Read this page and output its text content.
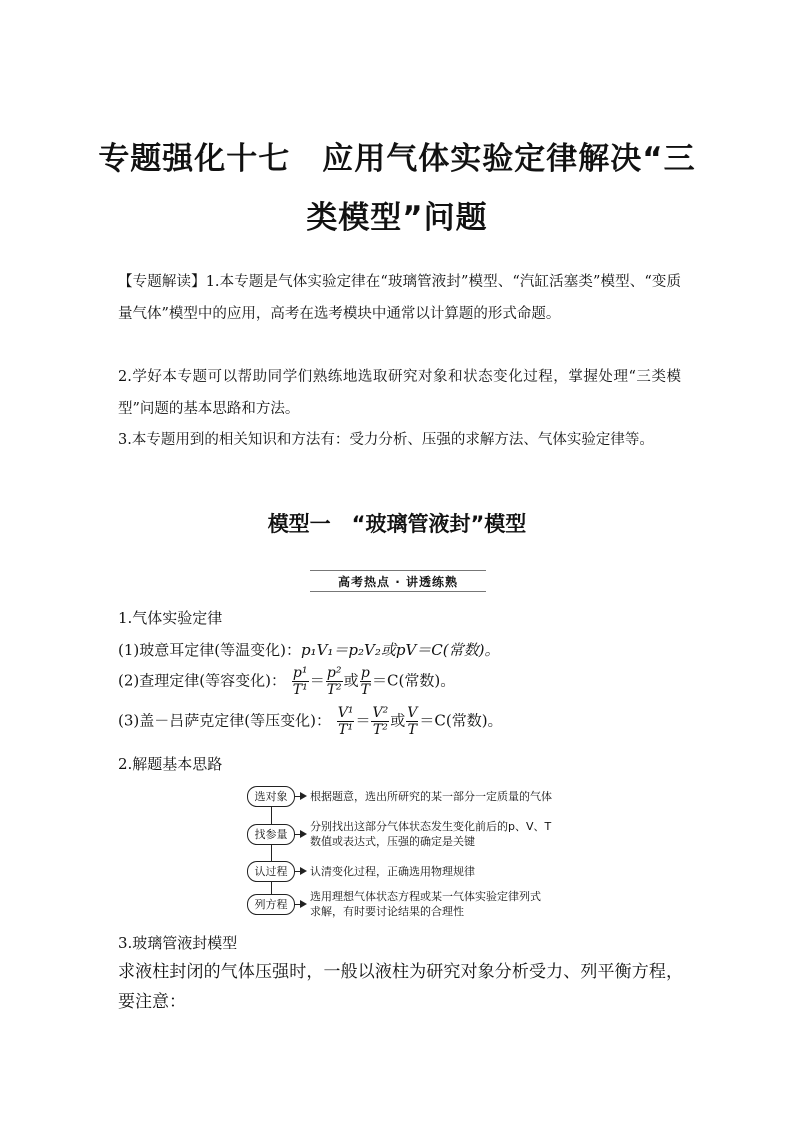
专题强化十七　应用气体实验定律解决“三
类模型”问题
【专题解读】1.本专题是气体实验定律在“玻璃管液封”模型、“汽缸活塞类”模型、“变质量气体”模型中的应用，高考在选考模块中通常以计算题的形式命题。
2.学好本专题可以帮助同学们熟练地选取研究对象和状态变化过程，掌握处理“三类模型”问题的基本思路和方法。
3.本专题用到的相关知识和方法有：受力分析、压强的求解方法、气体实验定律等。
模型一　“玻璃管液封”模型
高考热点 · 讲透练熟
1.气体实验定律
(1)玻意耳定律(等温变化)：p₁V₁＝p₂V₂或pV＝C(常数)。
(2)查理定律(等容变化)： $\frac{\text{p¹}}{\text{T¹}} = \frac{\text{p²}}{\text{T²}}$ 或 $\frac{p}{T} =C$(常数)。
(3)盖－吕萨克定律(等压变化)： $\frac{\text{V¹}}{\text{T¹}} = \frac{\text{V²}}{\text{T²}}$ 或 $\frac{V}{T} =C$(常数)。
2.解题基本思路
选对象	根据题意，选出所研究的某一部分一定质量的气体
找参量
分别找出这部分气体状态发生变化前后的p、V、T
数值或表达式，压强的确定是关键
认过程	认清变化过程，正确选用物理规律
列方程
选用理想气体状态方程或某一气体实验定律列式
求解，有时要讨论结果的合理性
3.玻璃管液封模型
求液柱封闭的气体压强时，一般以液柱为研究对象分析受力、列平衡方程，要注意：
